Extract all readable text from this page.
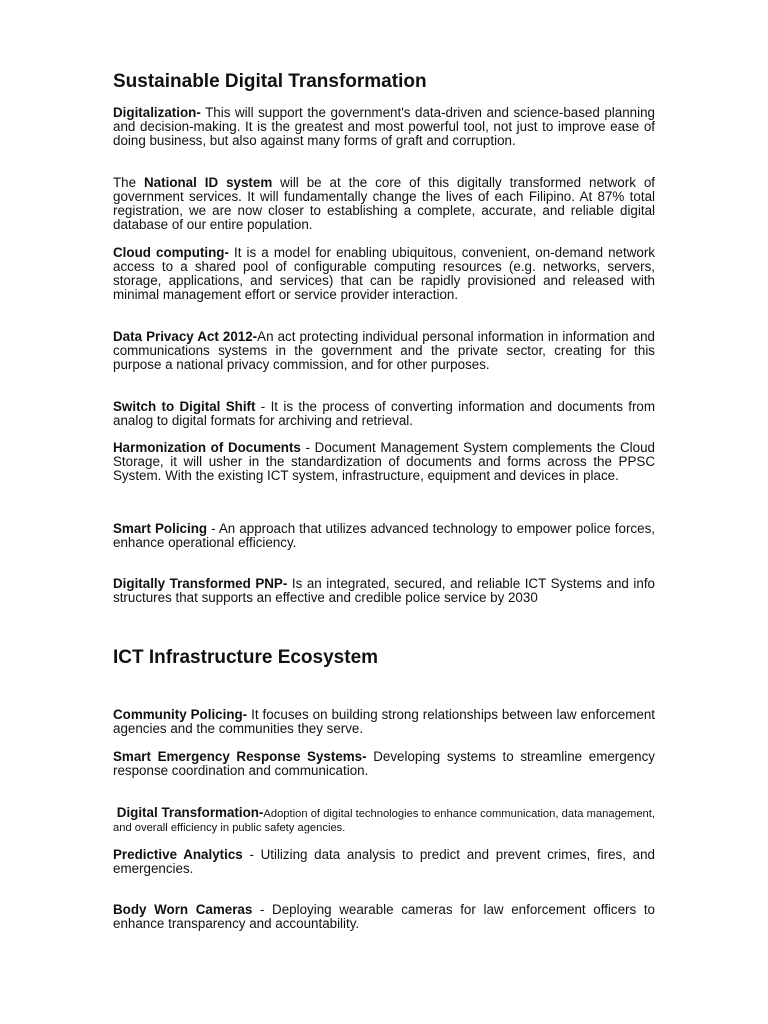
Sustainable Digital Transformation

Digitalization- This will support the government's data-driven and science-based planning and decision-making. It is the greatest and most powerful tool, not just to improve ease of doing business, but also against many forms of graft and corruption.

The National ID system will be at the core of this digitally transformed network of government services. It will fundamentally change the lives of each Filipino. At 87% total registration, we are now closer to establishing a complete, accurate, and reliable digital database of our entire population.

Cloud computing- It is a model for enabling ubiquitous, convenient, on-demand network access to a shared pool of configurable computing resources (e.g. networks, servers, storage, applications, and services) that can be rapidly provisioned and released with minimal management effort or service provider interaction.

Data Privacy Act 2012-An act protecting individual personal information in information and communications systems in the government and the private sector, creating for this purpose a national privacy commission, and for other purposes.

Switch to Digital Shift - It is the process of converting information and documents from analog to digital formats for archiving and retrieval.

Harmonization of Documents - Document Management System complements the Cloud Storage, it will usher in the standardization of documents and forms across the PPSC System. With the existing ICT system, infrastructure, equipment and devices in place.

Smart Policing - An approach that utilizes advanced technology to empower police forces, enhance operational efficiency.

Digitally Transformed PNP- Is an integrated, secured, and reliable ICT Systems and info structures that supports an effective and credible police service by 2030

ICT Infrastructure Ecosystem

Community Policing- It focuses on building strong relationships between law enforcement agencies and the communities they serve.

Smart Emergency Response Systems- Developing systems to streamline emergency response coordination and communication.

Digital Transformation-Adoption of digital technologies to enhance communication, data management, and overall efficiency in public safety agencies.

Predictive Analytics - Utilizing data analysis to predict and prevent crimes, fires, and emergencies.

Body Worn Cameras - Deploying wearable cameras for law enforcement officers to enhance transparency and accountability.
